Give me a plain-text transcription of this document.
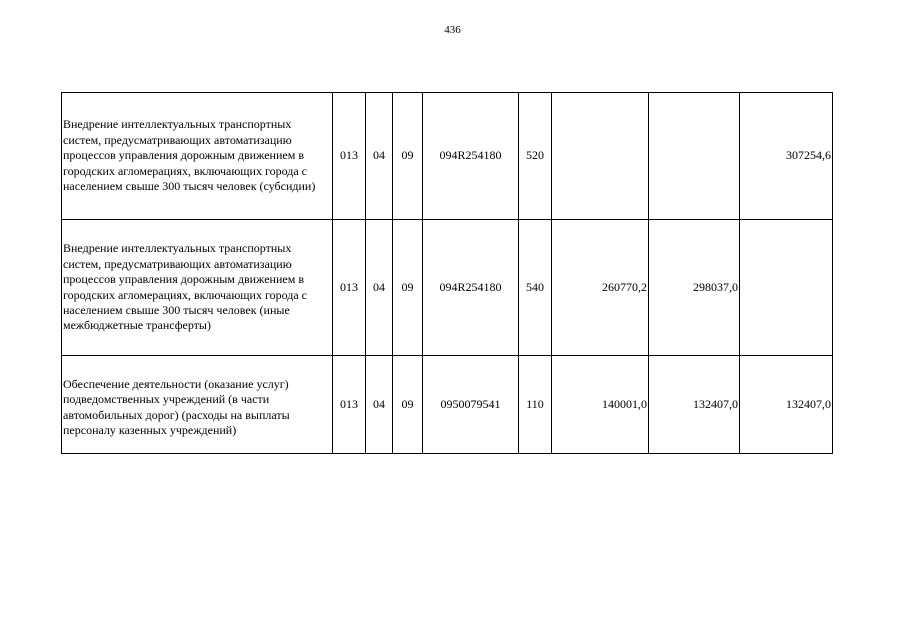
436
Внедрение интеллектуальных транспортных систем, предусматривающих автоматизацию процессов управления дорожным движением в городских агломерациях, включающих города с населением свыше 300 тысяч человек (субсидии)	013	04	09	094R254180	520			307254,6
Внедрение интеллектуальных транспортных систем, предусматривающих автоматизацию процессов управления дорожным движением в городских агломерациях, включающих города с населением свыше 300 тысяч человек (иные межбюджетные трансферты)	013	04	09	094R254180	540	260770,2	298037,0	
Обеспечение деятельности (оказание услуг) подведомственных учреждений (в части автомобильных дорог) (расходы на выплаты персоналу казенных учреждений)	013	04	09	0950079541	110	140001,0	132407,0	132407,0
